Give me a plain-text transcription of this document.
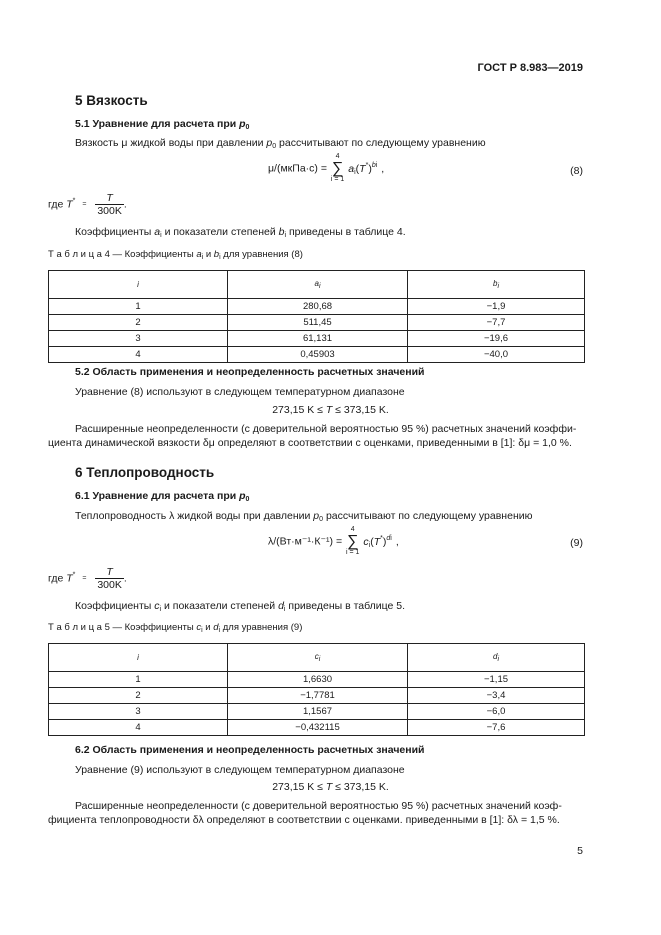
ГОСТ Р 8.983—2019
5 Вязкость
5.1 Уравнение для расчета при $p_0$
Вязкость μ жидкой воды при давлении $p_0$ рассчитывают по следующему уравнению
μ/(мкПа·с) = 4
∑
i = 1 $a_i(T^*)^{bi}$ ,	(8)
где $T^* = \frac{T}{300K}$ .
Коэффициенты $a_i$ и показатели степеней $b_i$ приведены в таблице 4.
Т а б л и ц а 4 — Коэффициенты $a_i$ и $b_i$ для уравнения (8)
i	$a_i$	$b_i$
1	280,68	−1,9
2	511,45	−7,7
3	61,131	−19,6
4	0,45903	−40,0
5.2 Область применения и неопределенность расчетных значений
Уравнение (8) используют в следующем температурном диапазоне
273,15 K ≤ T ≤ 373,15 K.
Расширенные неопределенности (с доверительной вероятностью 95 %) расчетных значений коэффи-
циента динамической вязкости δμ определяют в соответствии с оценками, приведенными в [1]: δμ = 1,0 %.
6 Теплопроводность
6.1 Уравнение для расчета при $p_0$
Теплопроводность λ жидкой воды при давлении $p_0$ рассчитывают по следующему уравнению
λ/(Вт·м⁻¹·К⁻¹) = 4
∑
i = 1 $c_i(T^*)^{di}$ ,	(9)
где $T^* = \frac{T}{300K}$ .
Коэффициенты $c_i$ и показатели степеней $d_i$ приведены в таблице 5.
Т а б л и ц а 5 — Коэффициенты $c_i$ и $d_i$ для уравнения (9)
i	$c_i$	$d_i$
1	1,6630	−1,15
2	−1,7781	−3,4
3	1,1567	−6,0
4	−0,432115	−7,6
6.2 Область применения и неопределенность расчетных значений
Уравнение (9) используют в следующем температурном диапазоне
273,15 K ≤ T ≤ 373,15 K.
Расширенные неопределенности (с доверительной вероятностью 95 %) расчетных значений коэф-
фициента теплопроводности δλ определяют в соответствии с оценками. приведенными в [1]: δλ = 1,5 %.
5
